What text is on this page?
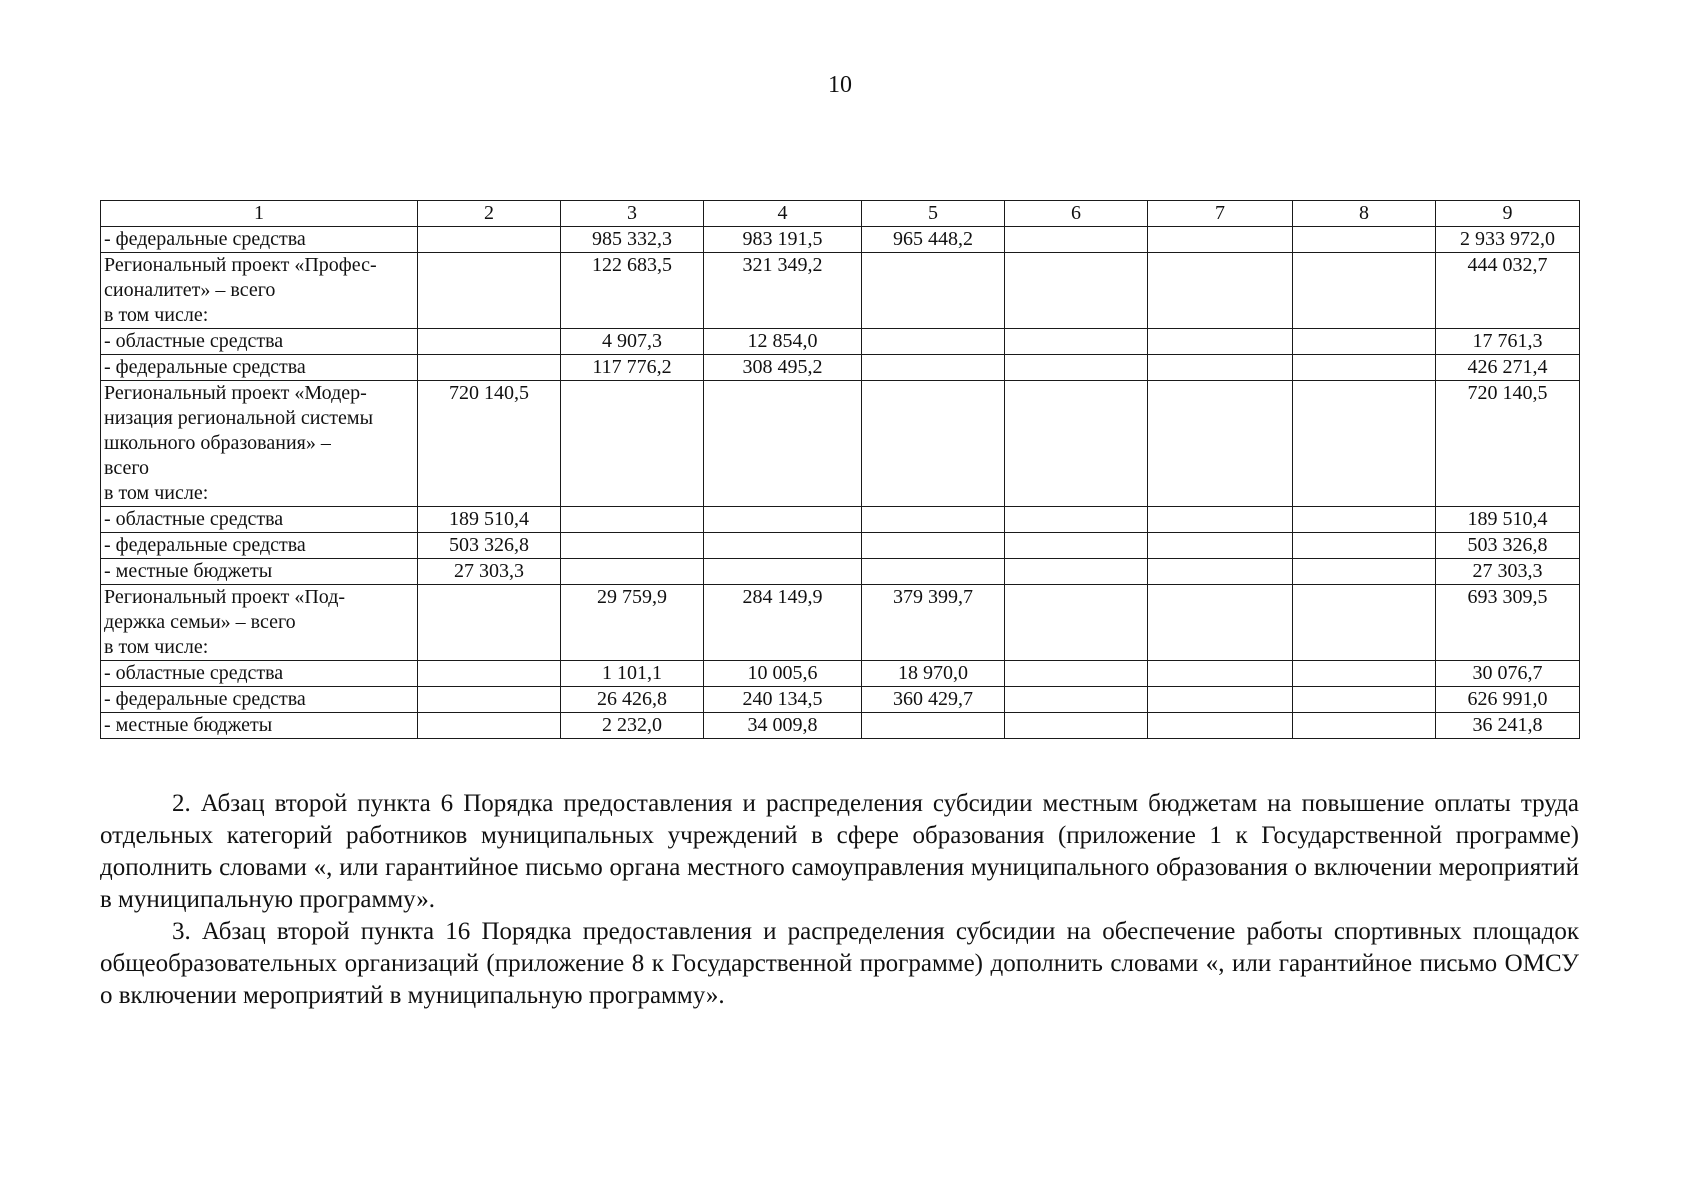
10
1	2	3	4	5	6	7	8	9
- федеральные средства		985 332,3	983 191,5	965 448,2				2 933 972,0
Региональный проект «Профес-
сионалитет» – всего
в том числе:		122 683,5	321 349,2					444 032,7
- областные средства		4 907,3	12 854,0					17 761,3
- федеральные средства		117 776,2	308 495,2					426 271,4
Региональный проект «Модер-
низация региональной системы
школьного образования» –
всего
в том числе:	720 140,5							720 140,5
- областные средства	189 510,4							189 510,4
- федеральные средства	503 326,8							503 326,8
- местные бюджеты	27 303,3							27 303,3
Региональный проект «Под-
держка семьи» – всего
в том числе:		29 759,9	284 149,9	379 399,7				693 309,5
- областные средства		1 101,1	10 005,6	18 970,0				30 076,7
- федеральные средства		26 426,8	240 134,5	360 429,7				626 991,0
- местные бюджеты		2 232,0	34 009,8					36 241,8

2. Абзац второй пункта 6 Порядка предоставления и распределения субсидии местным бюджетам на повышение оплаты труда отдельных категорий работников муниципальных учреждений в сфере образования (приложение 1 к Государственной программе) дополнить словами «, или гарантийное письмо органа местного самоуправления муниципального образования о включении мероприятий в муниципальную программу».

3. Абзац второй пункта 16 Порядка предоставления и распределения субсидии на обеспечение работы спортивных площадок общеобразовательных организаций (приложение 8 к Государственной программе) дополнить словами «, или гарантийное письмо ОМСУ о включении мероприятий в муниципальную программу».
